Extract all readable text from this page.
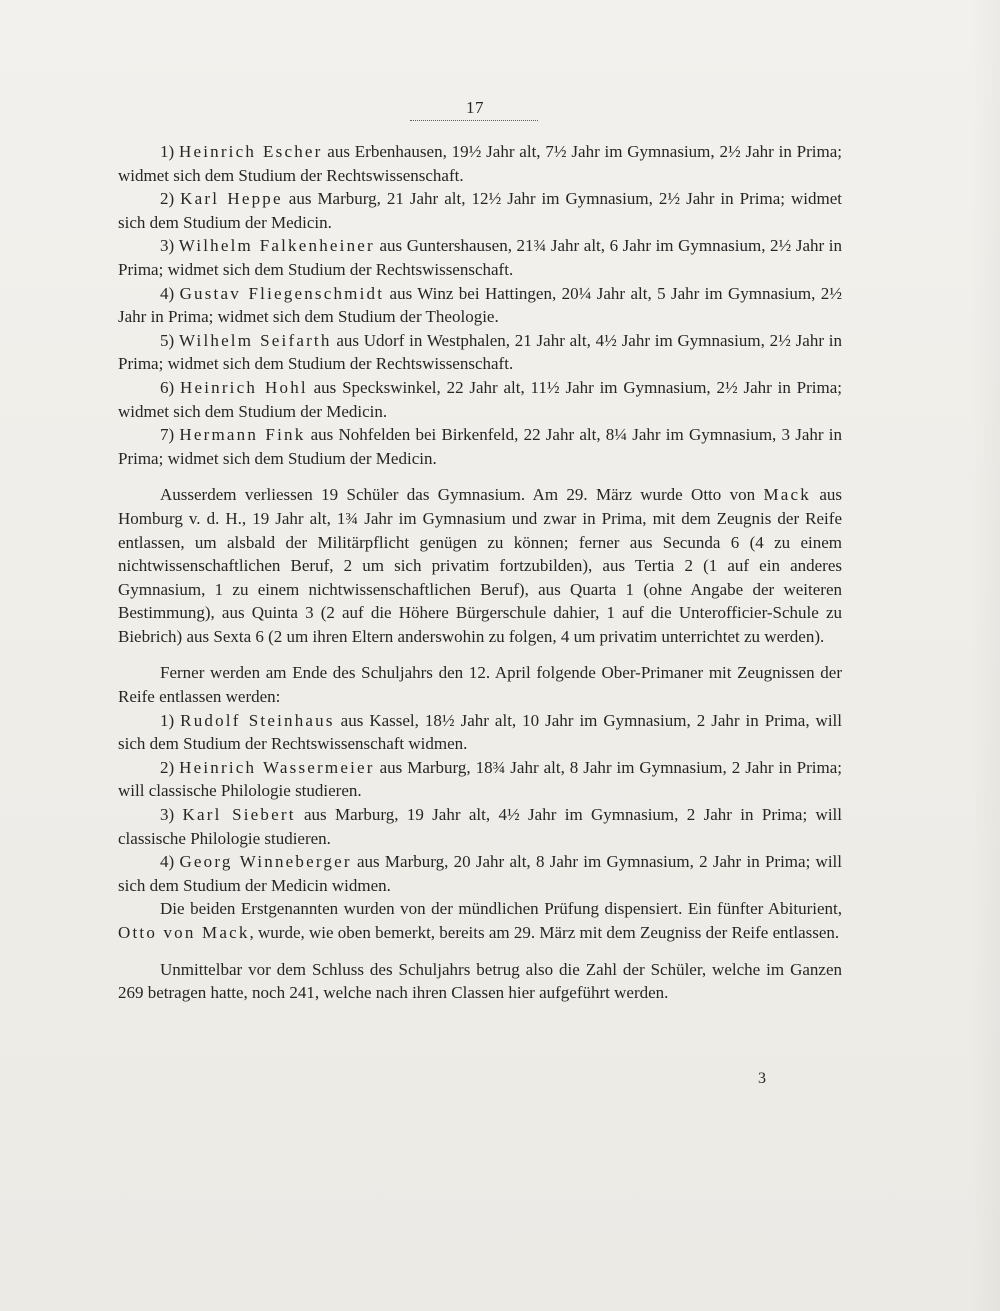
17

1) Heinrich Escher aus Erbenhausen, 19½ Jahr alt, 7½ Jahr im Gymnasium, 2½ Jahr in Prima; widmet sich dem Studium der Rechtswissenschaft.

2) Karl Heppe aus Marburg, 21 Jahr alt, 12½ Jahr im Gymnasium, 2½ Jahr in Prima; widmet sich dem Studium der Medicin.

3) Wilhelm Falkenheiner aus Guntershausen, 21¾ Jahr alt, 6 Jahr im Gymnasium, 2½ Jahr in Prima; widmet sich dem Studium der Rechtswissenschaft.

4) Gustav Fliegenschmidt aus Winz bei Hattingen, 20¼ Jahr alt, 5 Jahr im Gymnasium, 2½ Jahr in Prima; widmet sich dem Studium der Theologie.

5) Wilhelm Seifarth aus Udorf in Westphalen, 21 Jahr alt, 4½ Jahr im Gymnasium, 2½ Jahr in Prima; widmet sich dem Studium der Rechtswissenschaft.

6) Heinrich Hohl aus Speckswinkel, 22 Jahr alt, 11½ Jahr im Gymnasium, 2½ Jahr in Prima; widmet sich dem Studium der Medicin.

7) Hermann Fink aus Nohfelden bei Birkenfeld, 22 Jahr alt, 8¼ Jahr im Gymnasium, 3 Jahr in Prima; widmet sich dem Studium der Medicin.

Ausserdem verliessen 19 Schüler das Gymnasium. Am 29. März wurde Otto von Mack aus Homburg v. d. H., 19 Jahr alt, 1¾ Jahr im Gymnasium und zwar in Prima, mit dem Zeugnis der Reife entlassen, um alsbald der Militärpflicht genügen zu können; ferner aus Secunda 6 (4 zu einem nichtwissenschaftlichen Beruf, 2 um sich privatim fortzubilden), aus Tertia 2 (1 auf ein anderes Gymnasium, 1 zu einem nichtwissenschaftlichen Beruf), aus Quarta 1 (ohne Angabe der weiteren Bestimmung), aus Quinta 3 (2 auf die Höhere Bürgerschule dahier, 1 auf die Unterofficier-Schule zu Biebrich) aus Sexta 6 (2 um ihren Eltern anderswohin zu folgen, 4 um privatim unterrichtet zu werden).

Ferner werden am Ende des Schuljahrs den 12. April folgende Ober-Primaner mit Zeugnissen der Reife entlassen werden:

1) Rudolf Steinhaus aus Kassel, 18½ Jahr alt, 10 Jahr im Gymnasium, 2 Jahr in Prima, will sich dem Studium der Rechtswissenschaft widmen.

2) Heinrich Wassermeier aus Marburg, 18¾ Jahr alt, 8 Jahr im Gymnasium, 2 Jahr in Prima; will classische Philologie studieren.

3) Karl Siebert aus Marburg, 19 Jahr alt, 4½ Jahr im Gymnasium, 2 Jahr in Prima; will classische Philologie studieren.

4) Georg Winneberger aus Marburg, 20 Jahr alt, 8 Jahr im Gymnasium, 2 Jahr in Prima; will sich dem Studium der Medicin widmen.

Die beiden Erstgenannten wurden von der mündlichen Prüfung dispensiert. Ein fünfter Abiturient, Otto von Mack, wurde, wie oben bemerkt, bereits am 29. März mit dem Zeugniss der Reife entlassen.

Unmittelbar vor dem Schluss des Schuljahrs betrug also die Zahl der Schüler, welche im Ganzen 269 betragen hatte, noch 241, welche nach ihren Classen hier aufgeführt werden.

3
